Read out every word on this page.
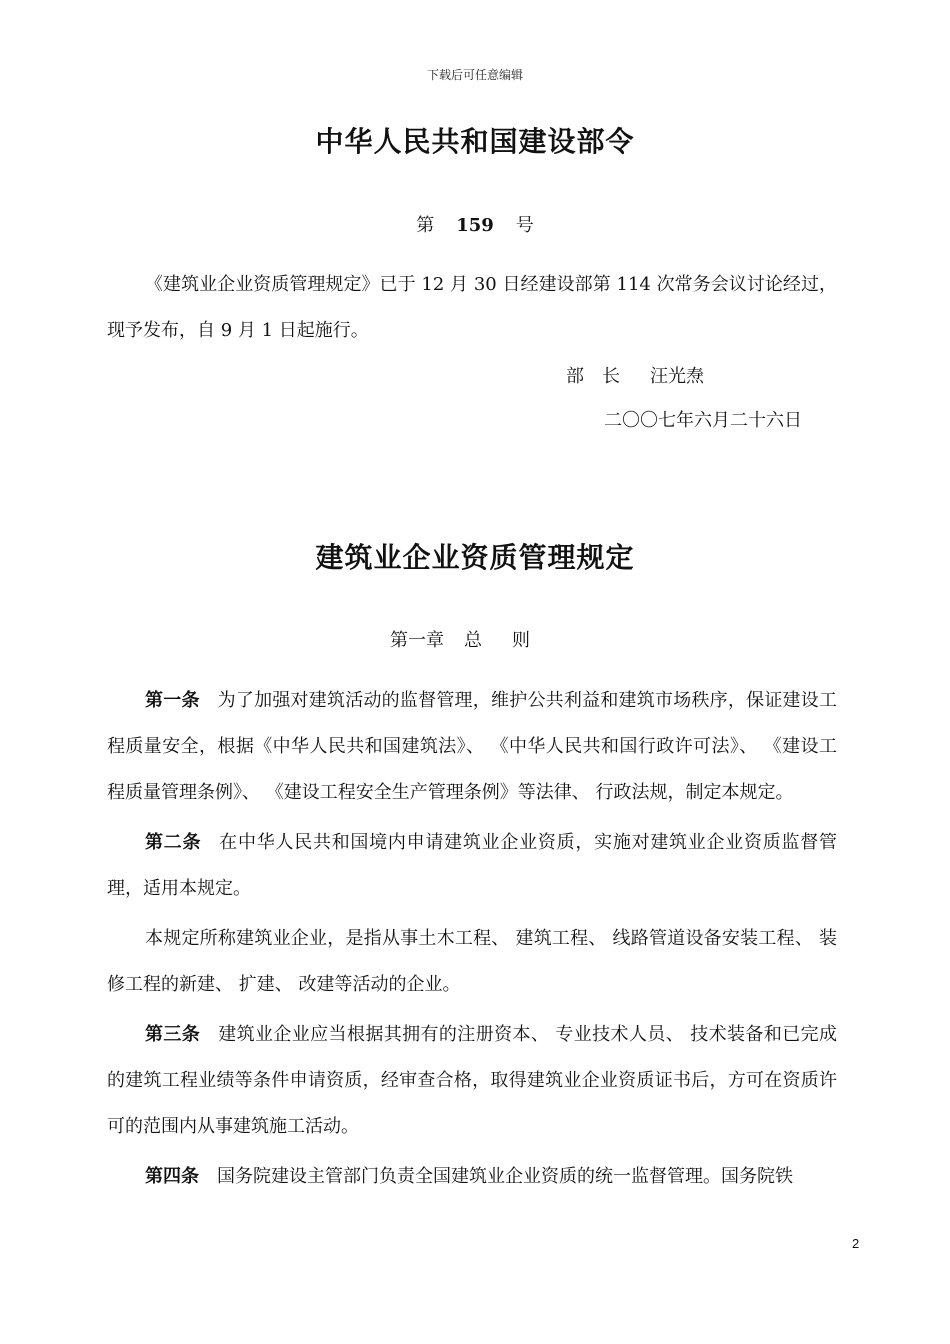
下载后可任意编辑
中华人民共和国建设部令
第 159 号

《建筑业企业资质管理规定》已于 12 月 30 日经建设部第 114 次常务会议讨论经过，现予发布，自 9 月 1 日起施行。

部长 汪光焘
二〇〇七年六月二十六日
建筑业企业资质管理规定
第一章 总则

第一条 为了加强对建筑活动的监督管理，维护公共利益和建筑市场秩序，保证建设工程质量安全，根据《中华人民共和国建筑法》、 《中华人民共和国行政许可法》、 《建设工程质量管理条例》、 《建设工程安全生产管理条例》等法律、 行政法规，制定本规定。

第二条 在中华人民共和国境内申请建筑业企业资质，实施对建筑业企业资质监督管理，适用本规定。

本规定所称建筑业企业，是指从事土木工程、 建筑工程、 线路管道设备安装工程、 装修工程的新建、 扩建、 改建等活动的企业。

第三条 建筑业企业应当根据其拥有的注册资本、 专业技术人员、 技术装备和已完成的建筑工程业绩等条件申请资质，经审查合格，取得建筑业企业资质证书后，方可在资质许可的范围内从事建筑施工活动。

第四条 国务院建设主管部门负责全国建筑业企业资质的统一监督管理。国务院铁

2
